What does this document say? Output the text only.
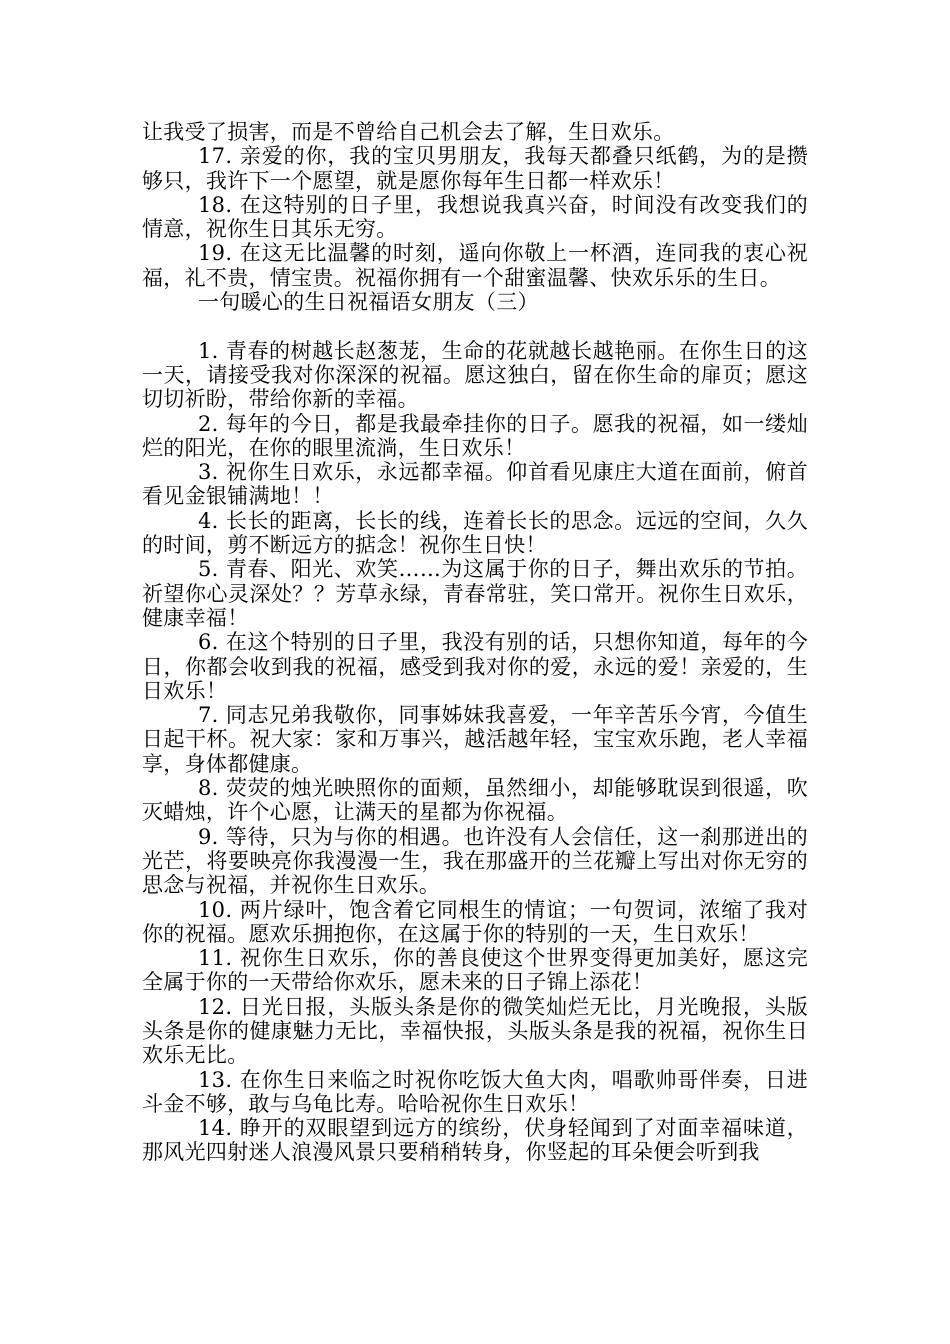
让我受了损害，而是不曾给自己机会去了解，生日欢乐。

17. 亲爱的你，我的宝贝男朋友，我每天都叠只纸鹤，为的是攒够只，我许下一个愿望，就是愿你每年生日都一样欢乐！

18. 在这特别的日子里，我想说我真兴奋，时间没有改变我们的情意，祝你生日其乐无穷。

19. 在这无比温馨的时刻，遥向你敬上一杯酒，连同我的衷心祝福，礼不贵，情宝贵。祝福你拥有一个甜蜜温馨、快欢乐乐的生日。

一句暖心的生日祝福语女朋友（三）

1. 青春的树越长赵葱茏，生命的花就越长越艳丽。在你生日的这一天，请接受我对你深深的祝福。愿这独白，留在你生命的扉页；愿这切切祈盼，带给你新的幸福。

2. 每年的今日，都是我最牵挂你的日子。愿我的祝福，如一缕灿烂的阳光，在你的眼里流淌，生日欢乐！

3. 祝你生日欢乐，永远都幸福。仰首看见康庄大道在面前，俯首看见金银铺满地！！

4. 长长的距离，长长的线，连着长长的思念。远远的空间，久久的时间，剪不断远方的掂念！祝你生日快！

5. 青春、阳光、欢笑……为这属于你的日子，舞出欢乐的节拍。祈望你心灵深处？？芳草永绿，青春常驻，笑口常开。祝你生日欢乐，健康幸福！

6. 在这个特别的日子里，我没有别的话，只想你知道，每年的今日，你都会收到我的祝福，感受到我对你的爱，永远的爱！亲爱的，生日欢乐！

7. 同志兄弟我敬你，同事姊妹我喜爱，一年辛苦乐今宵，今值生日起干杯。祝大家：家和万事兴，越活越年轻，宝宝欢乐跑，老人幸福享，身体都健康。

8. 荧荧的烛光映照你的面颊，虽然细小，却能够耽误到很遥，吹灭蜡烛，许个心愿，让满天的星都为你祝福。

9. 等待，只为与你的相遇。也许没有人会信任，这一刹那迸出的光芒，将要映亮你我漫漫一生，我在那盛开的兰花瓣上写出对你无穷的思念与祝福，并祝你生日欢乐。

10. 两片绿叶，饱含着它同根生的情谊；一句贺词，浓缩了我对你的祝福。愿欢乐拥抱你，在这属于你的特别的一天，生日欢乐！

11. 祝你生日欢乐，你的善良使这个世界变得更加美好，愿这完全属于你的一天带给你欢乐，愿未来的日子锦上添花！

12. 日光日报，头版头条是你的微笑灿烂无比，月光晚报，头版头条是你的健康魅力无比，幸福快报，头版头条是我的祝福，祝你生日欢乐无比。

13. 在你生日来临之时祝你吃饭大鱼大肉，唱歌帅哥伴奏，日进斗金不够，敢与乌龟比寿。哈哈祝你生日欢乐！

14. 睁开的双眼望到远方的缤纷，伏身轻闻到了对面幸福味道，那风光四射迷人浪漫风景只要稍稍转身，你竖起的耳朵便会听到我
